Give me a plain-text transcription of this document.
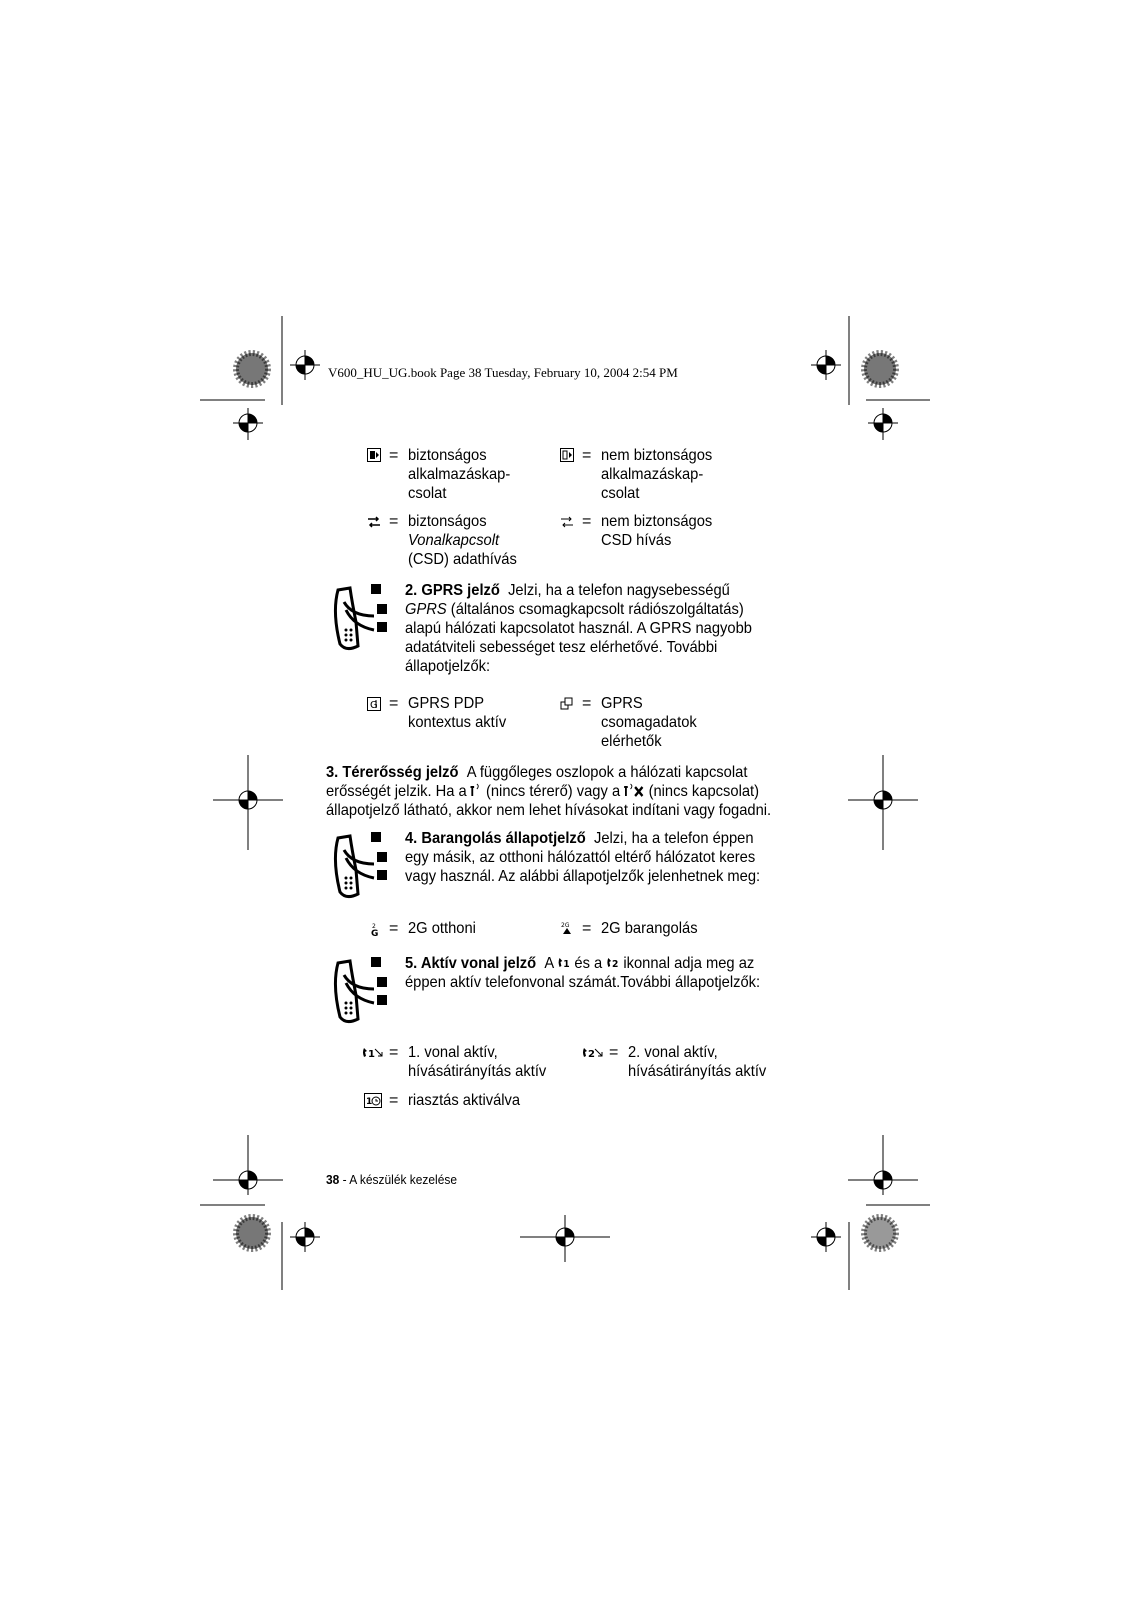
V600_HU_UG.book Page 38 Tuesday, February 10, 2004 2:54 PM
= biztonságos
alkalmazáskap-
csolat
= nem biztonságos
alkalmazáskap-
csolat
= biztonságos
Vonalkapcsolt
(CSD) adathívás
= nem biztonságos
CSD hívás
2. GPRS jelző Jelzi, ha a telefon nagysebességű
GPRS (általános csomagkapcsolt rádiószolgáltatás)
alapú hálózati kapcsolatot használ. A GPRS nagyobb
adatátviteli sebességet tesz elérhetővé. További
állapotjelzők:
G = GPRS PDP
kontextus aktív
= GPRS
csomagadatok
elérhetők
3. Térerősség jelző A függőleges oszlopok a hálózati kapcsolat
erősségét jelzik. Ha a (nincs térerő) vagy a (nincs kapcsolat)
állapotjelző látható, akkor nem lehet hívásokat indítani vagy fogadni.
4. Barangolás állapotjelző Jelzi, ha a telefon éppen
egy másik, az otthoni hálózattól eltérő hálózatot keres
vagy használ. Az alábbi állapotjelzők jelenhetnek meg:
2
G = 2G otthoni	2G = 2G barangolás
5. Aktív vonal jelző A 1 és a 2 ikonnal adja meg az
éppen aktív telefonvonal számát.További állapotjelzők:
1 = 1. vonal aktív,
hívásátirányítás aktív
2 = 2. vonal aktív,
hívásátirányítás aktív
1 = riasztás aktiválva
38 - A készülék kezelése
